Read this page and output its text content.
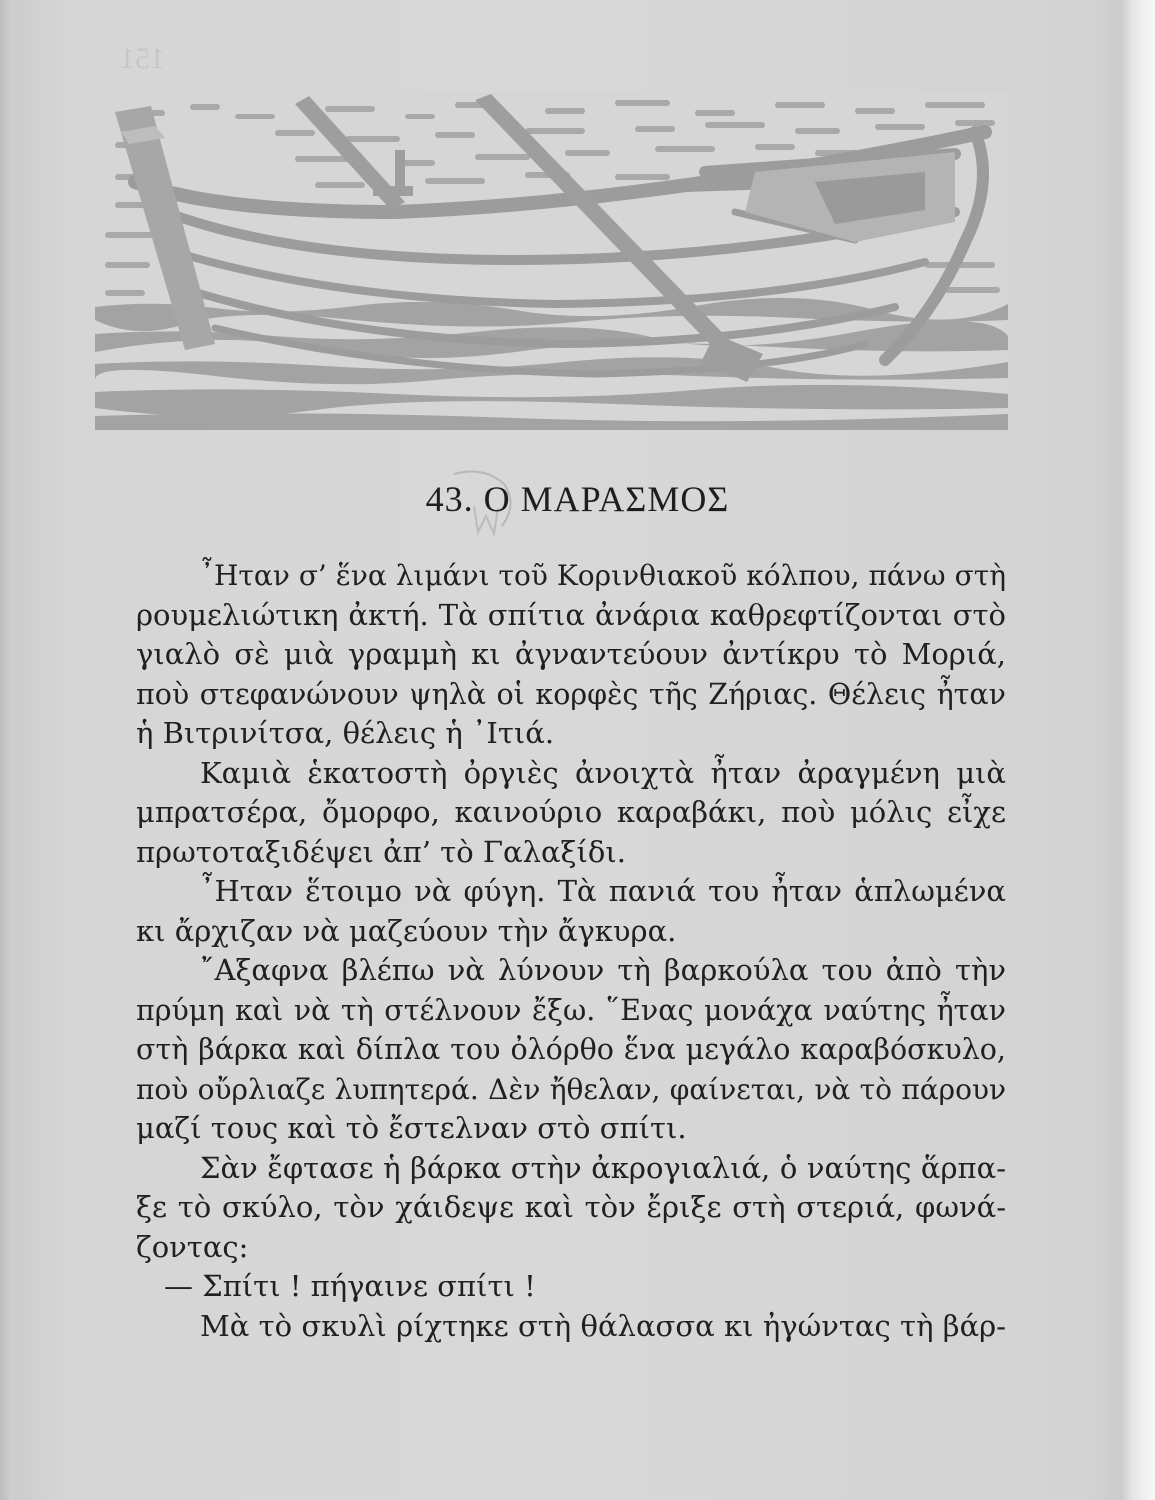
151
43. Ο ΜΑΡΑΣΜΟΣ

῏Ηταν σ’ ἕνα λιμάνι τοῦ Κορινθιακοῦ κόλπου, πάνω στὴ
ρουμελιώτικη ἀκτή. Τὰ σπίτια ἀνάρια καθρεφτίζονται στὸ
γιαλὸ σὲ μιὰ γραμμὴ κι ἀγναντεύουν ἀντίκρυ τὸ Μοριά,
ποὺ στεφανώνουν ψηλὰ οἱ κορφὲς τῆς Ζήριας. Θέλεις ἦταν
ἡ Βιτρινίτσα, θέλεις ἡ ᾿Ιτιά.

Καμιὰ ἑκατοστὴ ὀργιὲς ἀνοιχτὰ ἦταν ἀραγμένη μιὰ
μπρατσέρα, ὄμορφο, καινούριο καραβάκι, ποὺ μόλις εἶχε
πρωτοταξιδέψει ἀπ’ τὸ Γαλαξίδι.

῏Ηταν ἕτοιμο νὰ φύγη. Τὰ πανιά του ἦταν ἁπλωμένα
κι ἄρχιζαν νὰ μαζεύουν τὴν ἄγκυρα.

῎Αξαφνα βλέπω νὰ λύνουν τὴ βαρκούλα του ἀπὸ τὴν
πρύμη καὶ νὰ τὴ στέλνουν ἔξω. ῞Ενας μονάχα ναύτης ἦταν
στὴ βάρκα καὶ δίπλα του ὀλόρθο ἕνα μεγάλο καραβόσκυλο,
ποὺ οὔρλιαζε λυπητερά. Δὲν ἤθελαν, φαίνεται, νὰ τὸ πάρουν
μαζί τους καὶ τὸ ἔστελναν στὸ σπίτι.

Σὰν ἔφτασε ἡ βάρκα στὴν ἀκρογιαλιά, ὁ ναύτης ἅρπα-
ξε τὸ σκύλο, τὸν χάιδεψε καὶ τὸν ἔριξε στὴ στεριά, φωνά-
ζοντας:

— Σπίτι ! πήγαινε σπίτι !

Μὰ τὸ σκυλὶ ρίχτηκε στὴ θάλασσα κι ἠγώντας τὴ βάρ-
